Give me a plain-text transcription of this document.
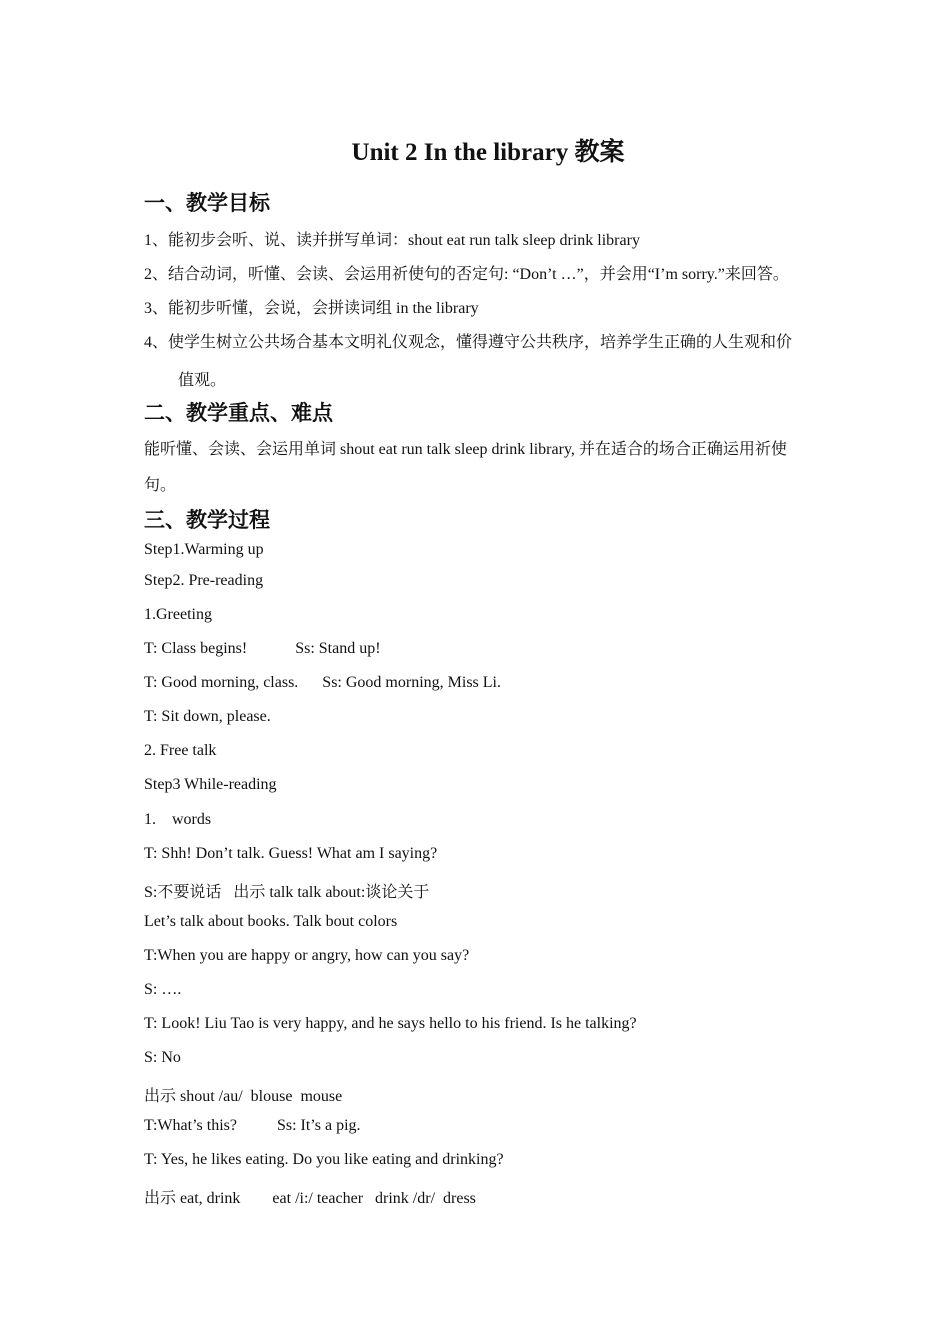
Unit 2 In the library 教案
一、教学目标
1、能初步会听、说、读并拼写单词：shout eat run talk sleep drink library
2、结合动词，听懂、会读、会运用祈使句的否定句: “Don’t …”，并会用“I’m sorry.”来回答。
3、能初步听懂，会说，会拼读词组 in the library
4、使学生树立公共场合基本文明礼仪观念，懂得遵守公共秩序，培养学生正确的人生观和价
值观。
二、教学重点、难点
能听懂、会读、会运用单词 shout eat run talk sleep drink library, 并在适合的场合正确运用祈使
句。
三、教学过程
Step1.Warming up
Step2. Pre-reading
1.Greeting
T: Class begins!            Ss: Stand up!
T: Good morning, class.      Ss: Good morning, Miss Li.
T: Sit down, please.
2. Free talk
Step3 While-reading
1.    words
T: Shh! Don’t talk. Guess! What am I saying?
S:不要说话   出示 talk talk about:谈论关于
Let’s talk about books. Talk bout colors
T:When you are happy or angry, how can you say?
S: ….
T: Look! Liu Tao is very happy, and he says hello to his friend. Is he talking?
S: No
出示 shout /au/  blouse  mouse
T:What’s this?          Ss: It’s a pig.
T: Yes, he likes eating. Do you like eating and drinking?
出示 eat, drink        eat /i:/ teacher   drink /dr/  dress
